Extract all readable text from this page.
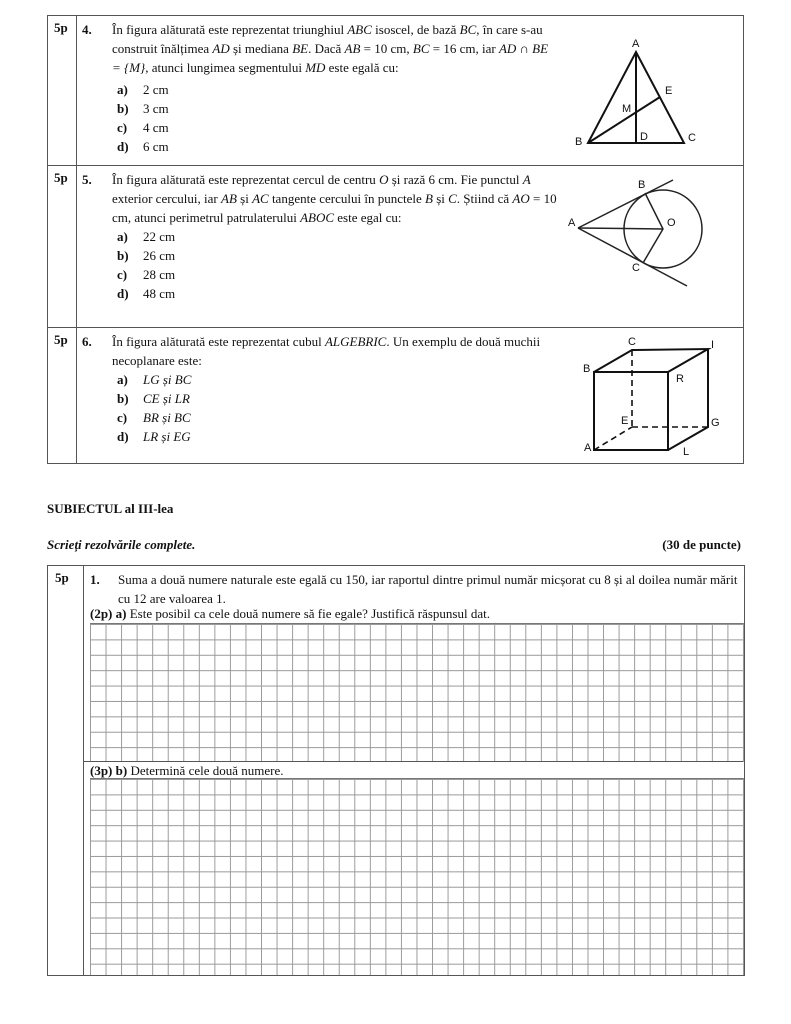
5p 4. În figura alăturată este reprezentat triunghiul ABC isoscel, de bază BC, în care s-au construit înălțimea AD și mediana BE. Dacă AB = 10 cm, BC = 16 cm, iar AD ∩ BE = {M}, atunci lungimea segmentului MD este egală cu:
a) 2 cm
b) 3 cm
c) 4 cm
d) 6 cm
5p 5. În figura alăturată este reprezentat cercul de centru O și rază 6 cm. Fie punctul A exterior cercului, iar AB și AC tangente cercului în punctele B și C. Știind că AO = 10 cm, atunci perimetrul patrulaterului ABOC este egal cu:
a) 22 cm
b) 26 cm
c) 28 cm
d) 48 cm
5p 6. În figura alăturată este reprezentat cubul ALGEBRIC. Un exemplu de două muchii necoplanare este:
a) LG și BC
b) CE și LR
c) BR și BC
d) LR și EG
A
B	C
D
E
M
A
B
C
O
A	L
G
E
B
R
I
C
SUBIECTUL al III-lea
Scrieți rezolvările complete.	(30 de puncte)
5p 1. Suma a două numere naturale este egală cu 150, iar raportul dintre primul număr micșorat cu 8 și al doilea număr mărit cu 12 are valoarea 1.
(2p) a) Este posibil ca cele două numere să fie egale? Justifică răspunsul dat.
(3p) b) Determină cele două numere.
